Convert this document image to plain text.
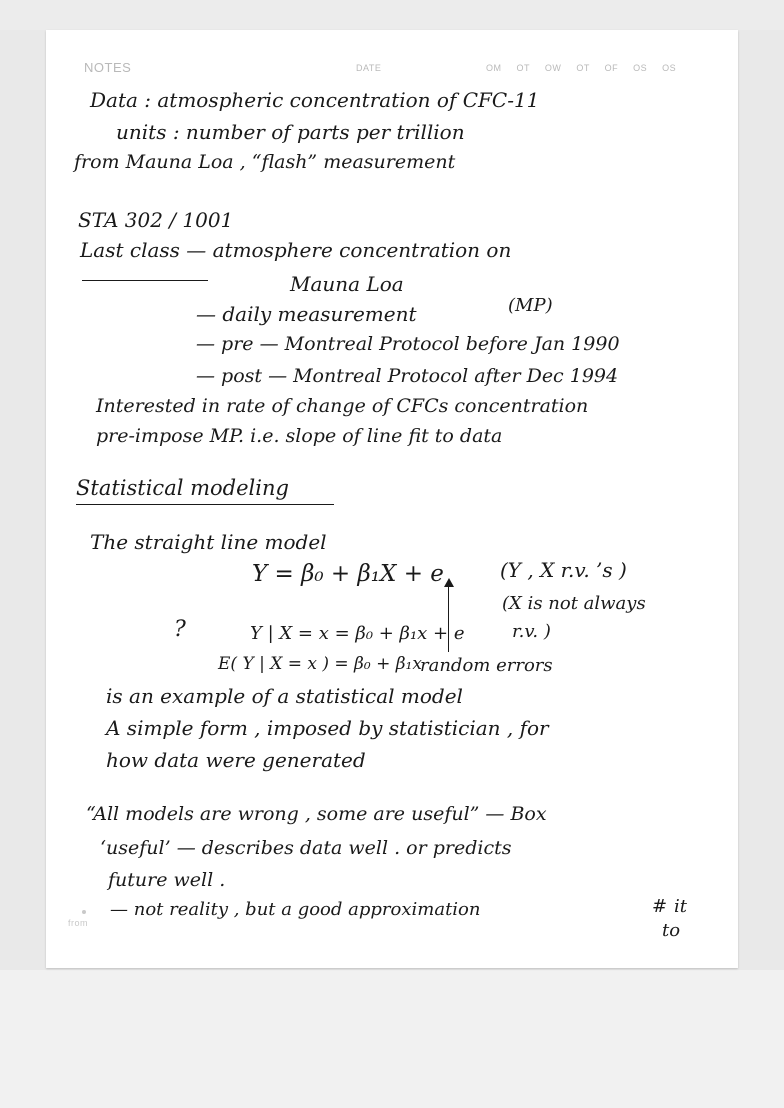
NOTES	DATE	OM OT OW OT OF OS OS
from
Data : atmospheric concentration of CFC-11
units : number of parts per trillion
from Mauna Loa , “flash” measurement
STA 302 / 1001
Last class — atmosphere concentration on
Mauna Loa
— daily measurement	(MP)
— pre — Montreal Protocol before Jan 1990
— post — Montreal Protocol after Dec 1994
Interested in rate of change of CFCs concentration
pre-impose MP. i.e. slope of line fit to data
Statistical modeling
The straight line model
Y = β₀ + β₁X + e	(Y , X r.v. ’s )
(X is not always
r.v. )
?	Y | X = x = β₀ + β₁x + e
E( Y | X = x ) = β₀ + β₁x
random errors
is an example of a statistical model
A simple form , imposed by statistician , for
how data were generated
“All models are wrong , some are useful” — Box
‘useful’ — describes data well . or predicts
future well .
— not reality , but a good approximation	# it
to
